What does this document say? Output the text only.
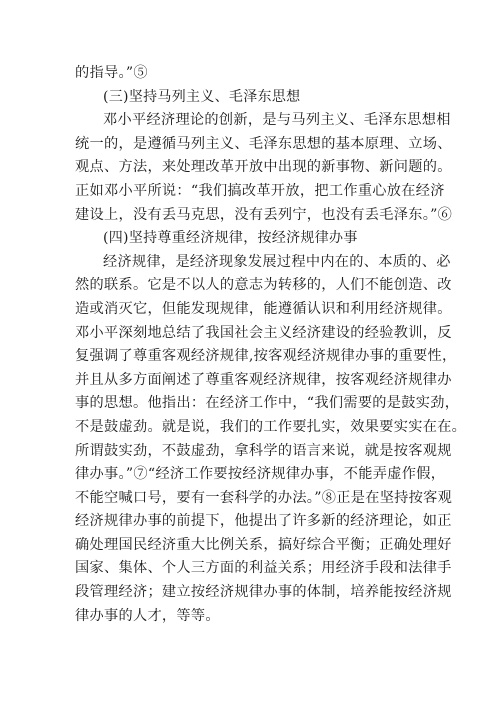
的指导。”⑤
(三)坚持马列主义、毛泽东思想
邓小平经济理论的创新，是与马列主义、毛泽东思想相
统一的，是遵循马列主义、毛泽东思想的基本原理、立场、
观点、方法，来处理改革开放中出现的新事物、新问题的。
正如邓小平所说：“我们搞改革开放，把工作重心放在经济
建设上，没有丢马克思，没有丢列宁，也没有丢毛泽东。”⑥
(四)坚持尊重经济规律，按经济规律办事
经济规律，是经济现象发展过程中内在的、本质的、必
然的联系。它是不以人的意志为转移的，人们不能创造、改
造或消灭它，但能发现规律，能遵循认识和利用经济规律。
邓小平深刻地总结了我国社会主义经济建设的经验教训，反
复强调了尊重客观经济规律,按客观经济规律办事的重要性，
并且从多方面阐述了尊重客观经济规律，按客观经济规律办
事的思想。他指出：在经济工作中，“我们需要的是鼓实劲，
不是鼓虚劲。就是说，我们的工作要扎实，效果要实实在在。
所谓鼓实劲，不鼓虚劲，拿科学的语言来说，就是按客观规
律办事。”⑦“经济工作要按经济规律办事，不能弄虚作假，
不能空喊口号，要有一套科学的办法。”⑧正是在坚持按客观
经济规律办事的前提下，他提出了许多新的经济理论，如正
确处理国民经济重大比例关系，搞好综合平衡；正确处理好
国家、集体、个人三方面的利益关系；用经济手段和法律手
段管理经济；建立按经济规律办事的体制，培养能按经济规
律办事的人才，等等。
